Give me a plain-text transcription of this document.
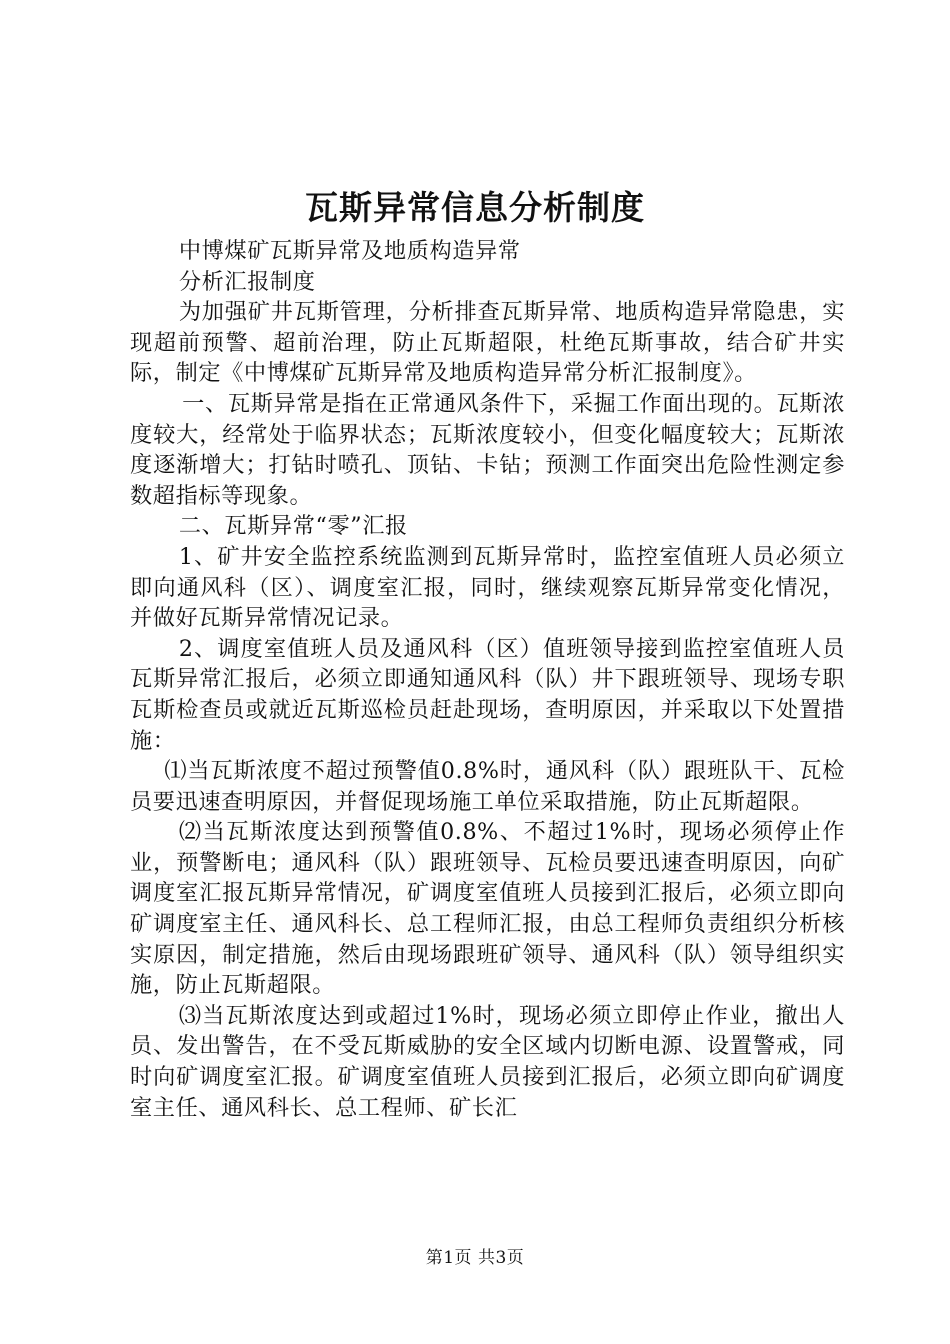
瓦斯异常信息分析制度

中博煤矿瓦斯异常及地质构造异常

分析汇报制度

为加强矿井瓦斯管理，分析排查瓦斯异常、地质构造异常隐患，实现超前预警、超前治理，防止瓦斯超限，杜绝瓦斯事故，结合矿井实际，制定《中博煤矿瓦斯异常及地质构造异常分析汇报制度》。

一、瓦斯异常是指在正常通风条件下，采掘工作面出现的。瓦斯浓度较大，经常处于临界状态；瓦斯浓度较小，但变化幅度较大；瓦斯浓度逐渐增大；打钻时喷孔、顶钻、卡钻；预测工作面突出危险性测定参数超指标等现象。

二、瓦斯异常“零”汇报

1、矿井安全监控系统监测到瓦斯异常时，监控室值班人员必须立即向通风科（区）、调度室汇报，同时，继续观察瓦斯异常变化情况，并做好瓦斯异常情况记录。

2、调度室值班人员及通风科（区）值班领导接到监控室值班人员瓦斯异常汇报后，必须立即通知通风科（队）井下跟班领导、现场专职瓦斯检查员或就近瓦斯巡检员赶赴现场，查明原因，并采取以下处置措施：

⑴当瓦斯浓度不超过预警值0.8%时，通风科（队）跟班队干、瓦检员要迅速查明原因，并督促现场施工单位采取措施，防止瓦斯超限。

⑵当瓦斯浓度达到预警值0.8%、不超过1%时，现场必须停止作业，预警断电；通风科（队）跟班领导、瓦检员要迅速查明原因，向矿调度室汇报瓦斯异常情况，矿调度室值班人员接到汇报后，必须立即向矿调度室主任、通风科长、总工程师汇报，由总工程师负责组织分析核实原因，制定措施，然后由现场跟班矿领导、通风科（队）领导组织实施，防止瓦斯超限。

⑶当瓦斯浓度达到或超过1%时，现场必须立即停止作业，撤出人员、发出警告，在不受瓦斯威胁的安全区域内切断电源、设置警戒，同时向矿调度室汇报。矿调度室值班人员接到汇报后，必须立即向矿调度室主任、通风科长、总工程师、矿长汇

第1页 共3页
